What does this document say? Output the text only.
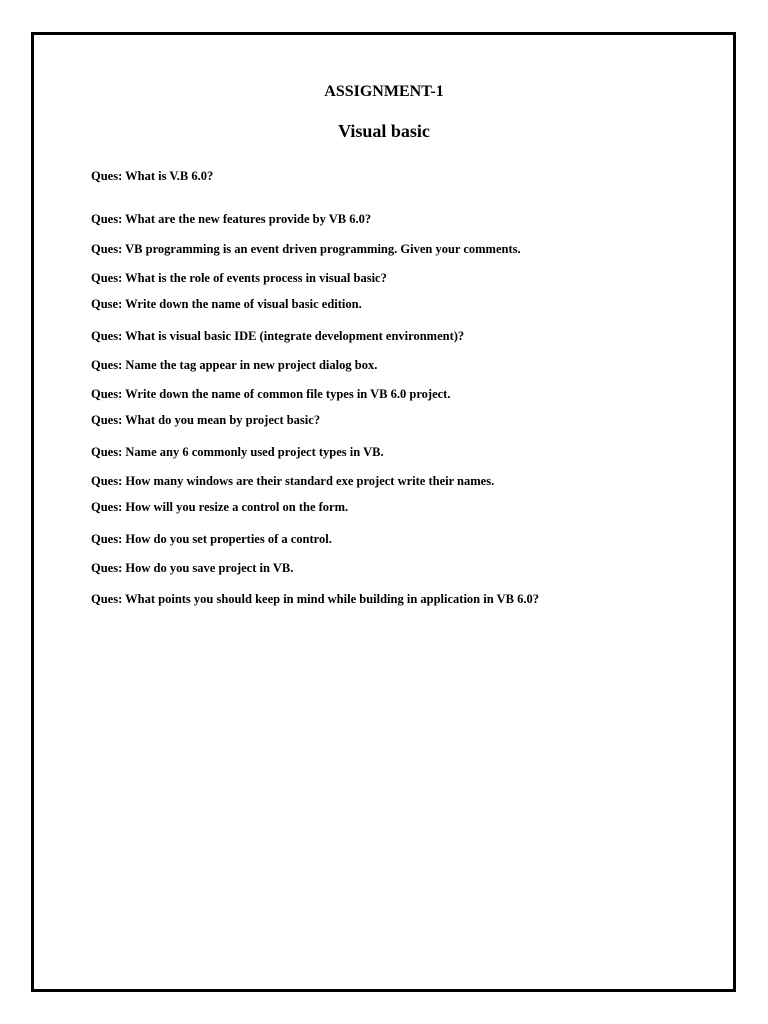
ASSIGNMENT-1
Visual basic
Ques: What is V.B 6.0?
Ques: What are the new features provide by VB 6.0?
Ques: VB programming is an event driven programming. Given your comments.
Ques: What is the role of events process in visual basic?
Quse: Write down the name of visual basic edition.
Ques: What is visual basic IDE (integrate development environment)?
Ques: Name the tag appear in new project dialog box.
Ques: Write down the name of common file types in VB 6.0 project.
Ques: What do you mean by project basic?
Ques: Name any 6 commonly used project types in VB.
Ques: How many windows are their standard exe project write their names.
Ques: How will you resize a control on the form.
Ques: How do you set properties of a control.
Ques: How do you save project in VB.
Ques: What points you should keep in mind while building in application in VB 6.0?
